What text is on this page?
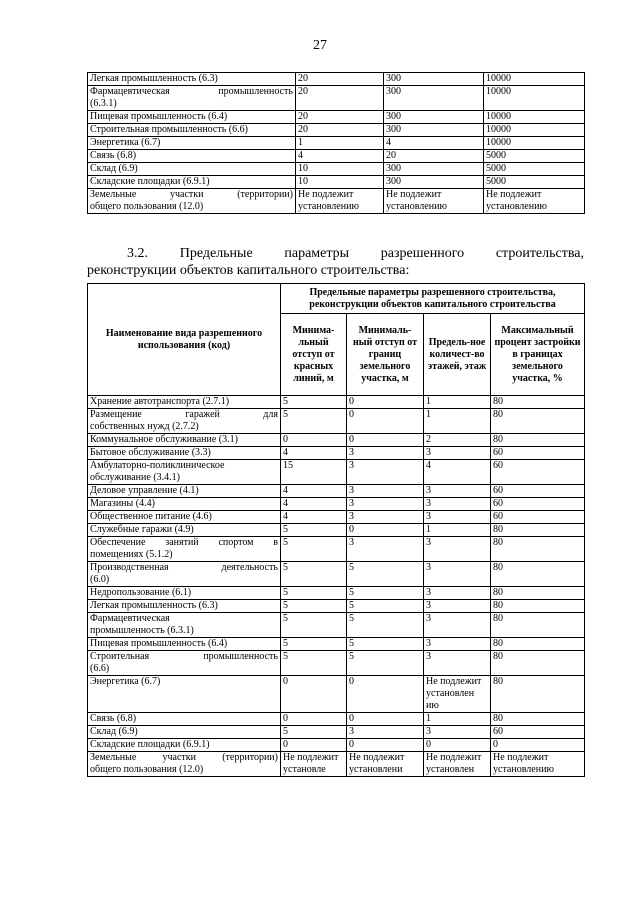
27
Легкая промышленность (6.3)	20	300	10000

Фармацевтическая промышленность
(6.3.1)	20	300	10000

Пищевая промышленность (6.4)	20	300	10000

Строительная промышленность (6.6)	20	300	10000

Энергетика (6.7)	1	4	10000

Связь (6.8)	4	20	5000

Склад (6.9)	10	300	5000

Складские площадки (6.9.1)	10	300	5000

Земельные участки (территории)
общего пользования (12.0)	Не подлежит установлению	Не подлежит установлению	Не подлежит установлению
3.2. Предельные параметры разрешенного строительства,
реконструкции объектов капитального строительства:
Наименование вида разрешенного использования (код)	Предельные параметры разрешенного строительства, реконструкции объектов капитального строительства			
	Минима-льный отступ от красных линий, м	Минималь-ный отступ от границ земельного участка, м	Предель-ное количест-во этажей, этаж	Максимальный процент застройки в границах земельного участка, %

Хранение автотранспорта (2.7.1)	5	0	1	80

Размещение гаражей для
собственных нужд (2.7.2)	5	0	1	80

Коммунальное обслуживание (3.1)	0	0	2	80

Бытовое обслуживание (3.3)	4	3	3	60

Амбулаторно-поликлиническое
обслуживание (3.4.1)	15	3	4	60

Деловое управление (4.1)	4	3	3	60

Магазины (4.4)	4	3	3	60

Общественное питание (4.6)	4	3	3	60

Служебные гаражи (4.9)	5	0	1	80

Обеспечение занятий спортом в
помещениях (5.1.2)	5	3	3	80

Производственная деятельность
(6.0)	5	5	3	80

Недропользование (6.1)	5	5	3	80

Легкая промышленность (6.3)	5	5	3	80

Фармацевтическая
промышленность (6.3.1)	5	5	3	80

Пищевая промышленность (6.4)	5	5	3	80

Строительная промышленность
(6.6)	5	5	3	80

Энергетика (6.7)	0	0	Не подлежит установлен ию	80

Связь (6.8)	0	0	1	80

Склад (6.9)	5	3	3	60

Складские площадки (6.9.1)	0	0	0	0

Земельные участки (территории)
общего пользования (12.0)	Не подлежит установле	Не подлежит установлени	Не подлежит установлен	Не подлежит установлению
